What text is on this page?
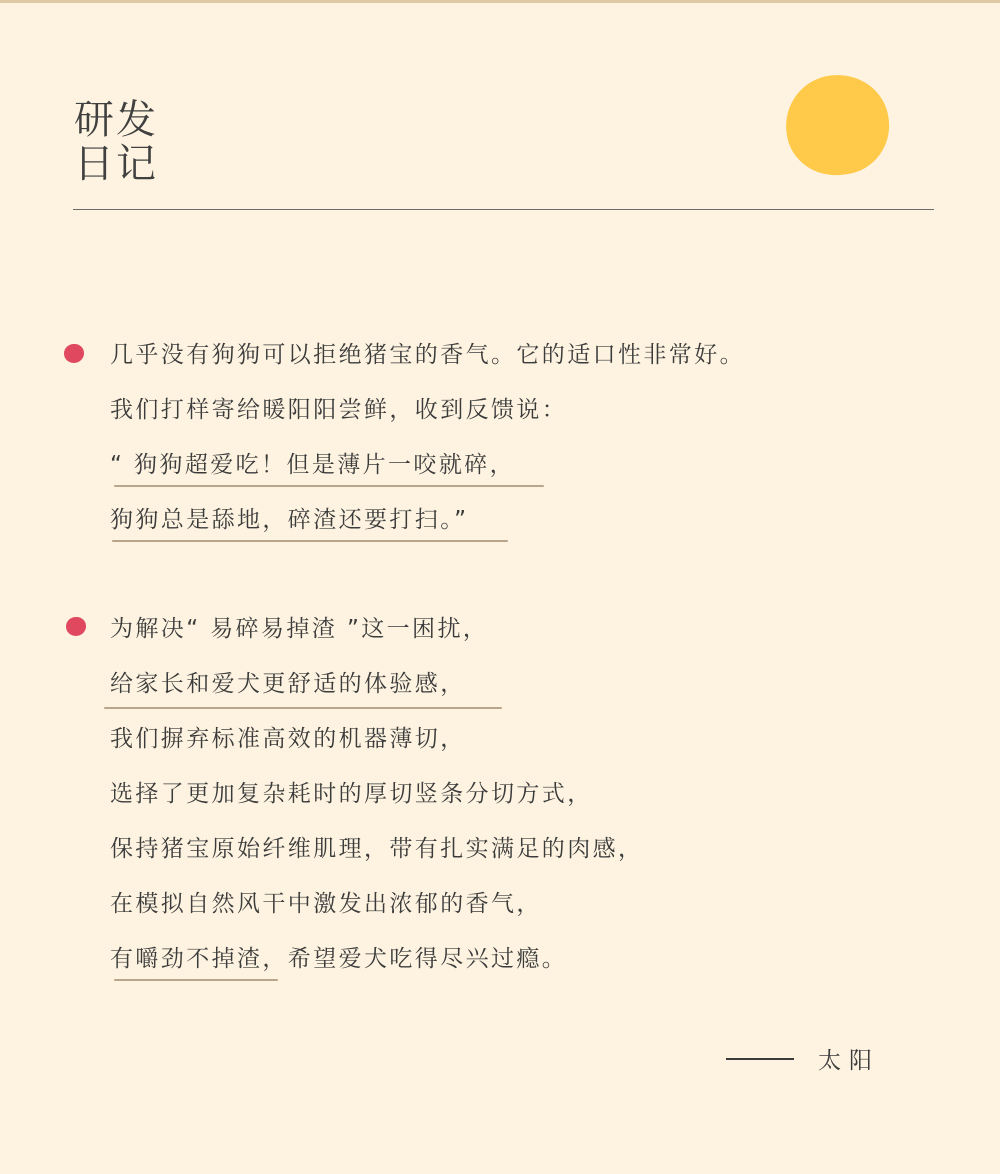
研发
日记
几乎没有狗狗可以拒绝猪宝的香气。它的适口性非常好。
我们打样寄给暖阳阳尝鲜，收到反馈说：
“ 狗狗超爱吃！但是薄片一咬就碎，
狗狗总是舔地，碎渣还要打扫。”
为解决“ 易碎易掉渣 ”这一困扰，
给家长和爱犬更舒适的体验感，
我们摒弃标准高效的机器薄切，
选择了更加复杂耗时的厚切竖条分切方式，
保持猪宝原始纤维肌理，带有扎实满足的肉感，
在模拟自然风干中激发出浓郁的香气，
有嚼劲不掉渣，希望爱犬吃得尽兴过瘾。
太阳
